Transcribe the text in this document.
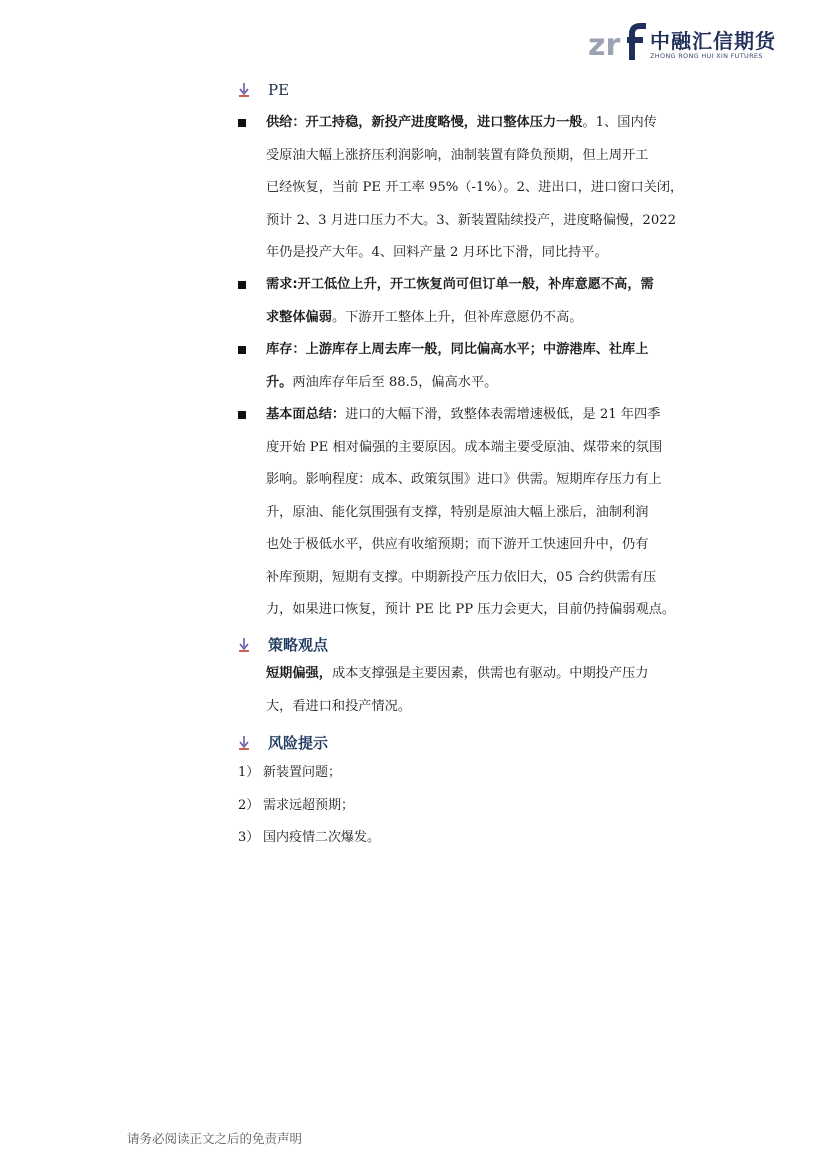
zr 中融汇信期货
ZHONG RONG HUI XIN FUTURES
PE
供给：开工持稳，新投产进度略慢，进口整体压力一般。1、国内传
受原油大幅上涨挤压利润影响，油制装置有降负预期，但上周开工
已经恢复，当前 PE 开工率 95%（-1%）。2、进出口，进口窗口关闭，
预计 2、3 月进口压力不大。3、新装置陆续投产，进度略偏慢，2022
年仍是投产大年。4、回料产量 2 月环比下滑，同比持平。
需求:开工低位上升，开工恢复尚可但订单一般，补库意愿不高，需
求整体偏弱。下游开工整体上升，但补库意愿仍不高。
库存：上游库存上周去库一般，同比偏高水平；中游港库、社库上
升。两油库存年后至 88.5，偏高水平。
基本面总结：进口的大幅下滑，致整体表需增速极低，是 21 年四季
度开始 PE 相对偏强的主要原因。成本端主要受原油、煤带来的氛围
影响。影响程度：成本、政策氛围》进口》供需。短期库存压力有上
升，原油、能化氛围强有支撑，特别是原油大幅上涨后，油制利润
也处于极低水平，供应有收缩预期；而下游开工快速回升中，仍有
补库预期，短期有支撑。中期新投产压力依旧大，05 合约供需有压
力，如果进口恢复，预计 PE 比 PP 压力会更大，目前仍持偏弱观点。
策略观点
短期偏强，成本支撑强是主要因素，供需也有驱动。中期投产压力
大，看进口和投产情况。
风险提示
1） 新装置问题；
2） 需求远超预期；
3） 国内疫情二次爆发。
请务必阅读正文之后的免责声明
